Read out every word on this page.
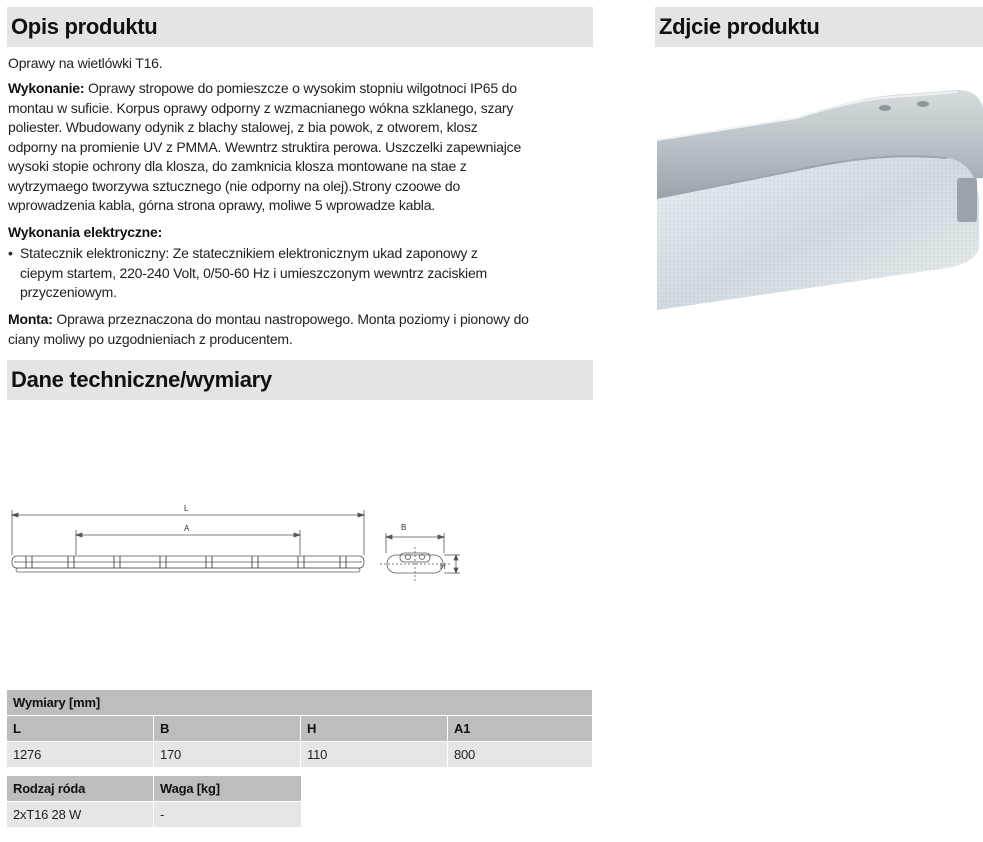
Opis produktu	Zdjcie produktu
Oprawy na wietlówki T16.
Wykonanie: Oprawy stropowe do pomieszcze o wysokim stopniu wilgotnoci IP65 do
montau w suficie. Korpus oprawy odporny z wzmacnianego wókna szklanego, szary
poliester. Wbudowany odynik z blachy stalowej, z bia powok, z otworem, klosz
odporny na promienie UV z PMMA. Wewntrz struktira perowa. Uszczelki zapewniajce
wysoki stopie ochrony dla klosza, do zamknicia klosza montowane na stae z
wytrzymaego tworzywa sztucznego (nie odporny na olej).Strony czoowe do
wprowadzenia kabla, górna strona oprawy, moliwe 5 wprowadze kabla.
Wykonania elektryczne:
• Statecznik elektroniczny: Ze statecznikiem elektronicznym ukad zaponowy z
ciepym startem, 220-240 Volt, 0/50-60 Hz i umieszczonym wewntrz zaciskiem
przyczeniowym.
Monta: Oprawa przeznaczona do montau nastropowego. Monta poziomy i pionowy do
ciany moliwy po uzgodnieniach z producentem.
Dane techniczne/wymiary
L
A	B
H
Wymiary [mm]			
L	B	H	A1
1276	170	110	800
Rodzaj róda	Waga [kg]
2xT16 28 W	-
